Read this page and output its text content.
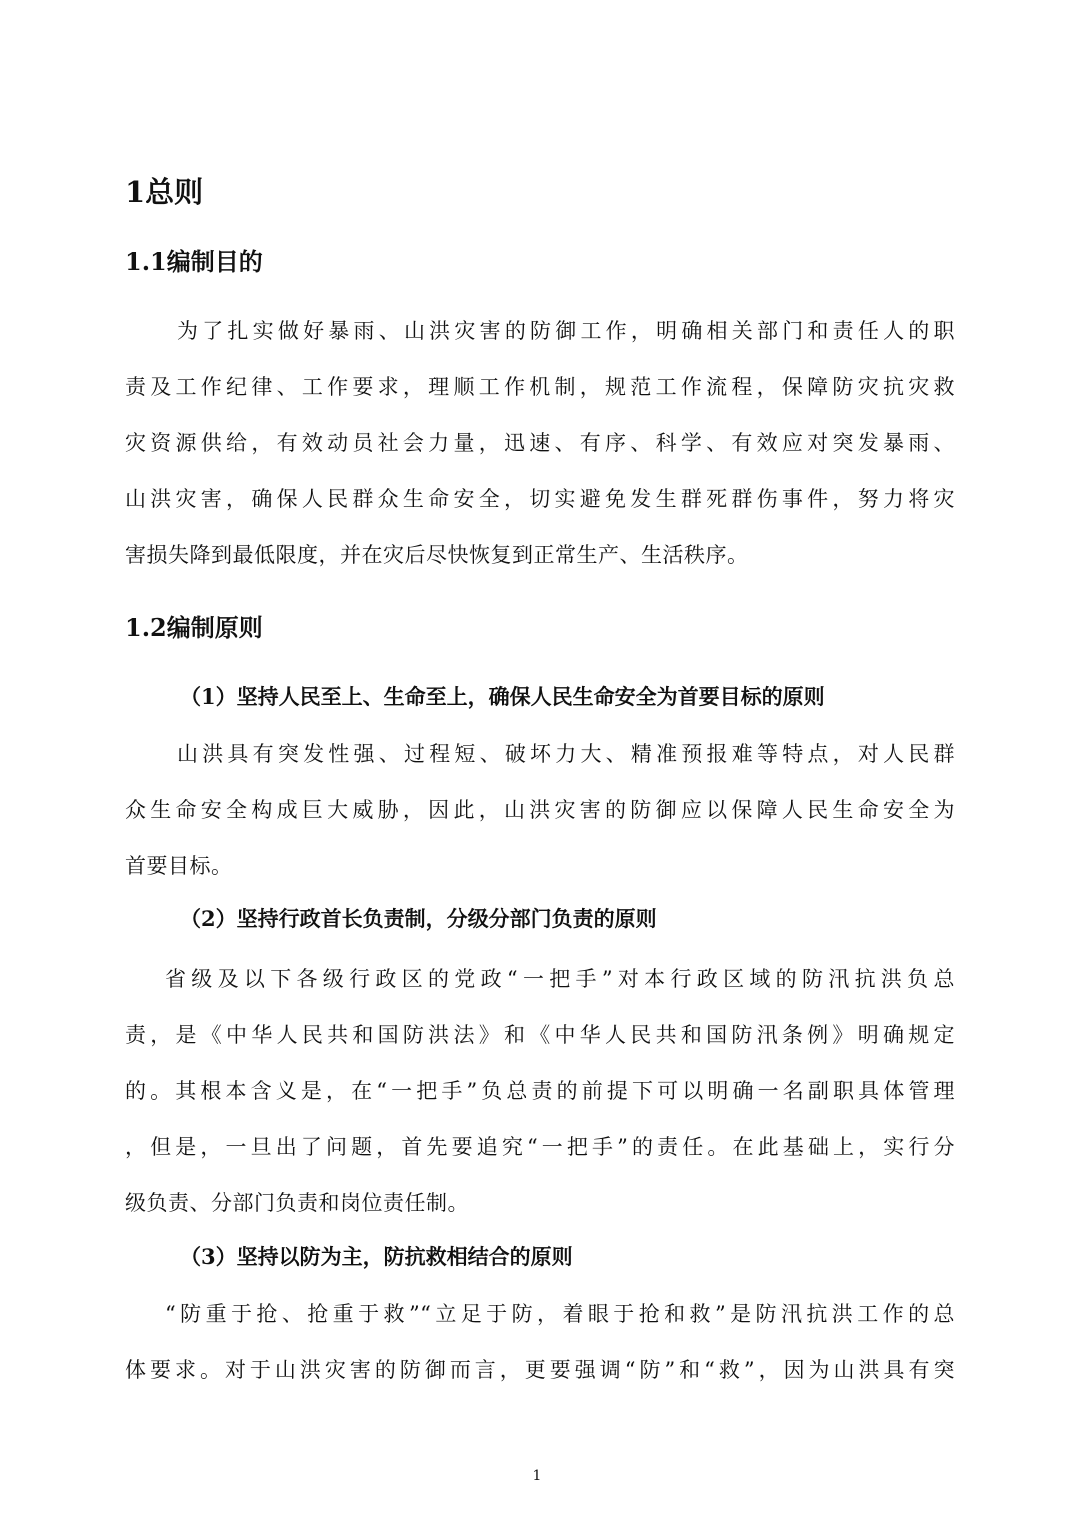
1总则
1.1编制目的
为了扎实做好暴雨、山洪灾害的防御工作，明确相关部门和责任人的职
责及工作纪律、工作要求，理顺工作机制，规范工作流程，保障防灾抗灾救
灾资源供给，有效动员社会力量，迅速、有序、科学、有效应对突发暴雨、
山洪灾害，确保人民群众生命安全，切实避免发生群死群伤事件，努力将灾
害损失降到最低限度，并在灾后尽快恢复到正常生产、生活秩序。
1.2编制原则
（1）坚持人民至上、生命至上，确保人民生命安全为首要目标的原则
山洪具有突发性强、过程短、破坏力大、精准预报难等特点，对人民群
众生命安全构成巨大威胁，因此，山洪灾害的防御应以保障人民生命安全为
首要目标。
（2）坚持行政首长负责制，分级分部门负责的原则
省级及以下各级行政区的党政“一把手”对本行政区域的防汛抗洪负总
责，是《中华人民共和国防洪法》和《中华人民共和国防汛条例》明确规定
的。其根本含义是，在“一把手”负总责的前提下可以明确一名副职具体管理
，但是，一旦出了问题，首先要追究“一把手”的责任。在此基础上，实行分
级负责、分部门负责和岗位责任制。
（3）坚持以防为主，防抗救相结合的原则
“防重于抢、抢重于救”“立足于防，着眼于抢和救”是防汛抗洪工作的总
体要求。对于山洪灾害的防御而言，更要强调“防”和“救”，因为山洪具有突
1
